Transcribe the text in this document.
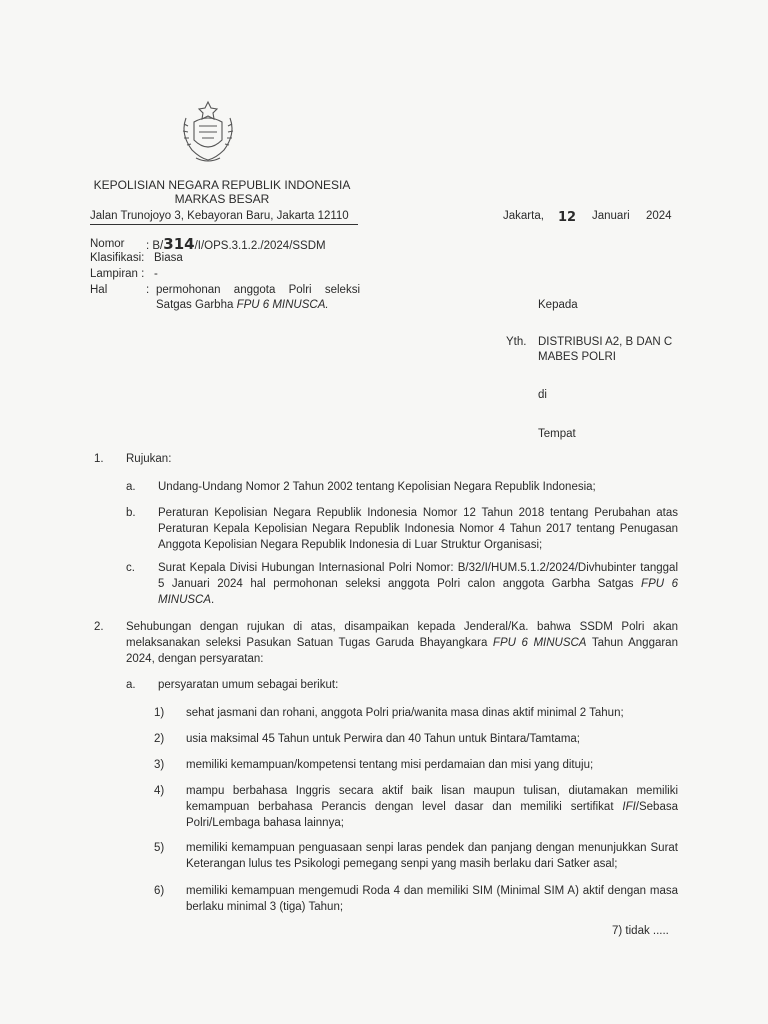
KEPOLISIAN NEGARA REPUBLIK INDONESIA
MARKAS BESAR
Jalan Trunojoyo 3, Kebayoran Baru, Jakarta 12110	Jakarta, 12 Januari 2024
Nomor : B/314/I/OPS.3.1.2./2024/SSDM
Klasifikasi: Biasa
Lampiran : -
Hal	: permohonan anggota Polri seleksi
Satgas Garbha FPU 6 MINUSCA.	Kepada
Yth. DISTRIBUSI A2, B DAN C
MABES POLRI
di
Tempat
1. Rujukan:
a. Undang-Undang Nomor 2 Tahun 2002 tentang Kepolisian Negara Republik Indonesia;
b. Peraturan Kepolisian Negara Republik Indonesia Nomor 12 Tahun 2018 tentang Perubahan atas Peraturan Kepala Kepolisian Negara Republik Indonesia Nomor 4 Tahun 2017 tentang Penugasan Anggota Kepolisian Negara Republik Indonesia di Luar Struktur Organisasi;
c. Surat Kepala Divisi Hubungan Internasional Polri Nomor: B/32/I/HUM.5.1.2/2024/Divhubinter tanggal 5 Januari 2024 hal permohonan seleksi anggota Polri calon anggota Garbha Satgas FPU 6 MINUSCA.
2. Sehubungan dengan rujukan di atas, disampaikan kepada Jenderal/Ka. bahwa SSDM Polri akan melaksanakan seleksi Pasukan Satuan Tugas Garuda Bhayangkara FPU 6 MINUSCA Tahun Anggaran 2024, dengan persyaratan:
a. persyaratan umum sebagai berikut:
1) sehat jasmani dan rohani, anggota Polri pria/wanita masa dinas aktif minimal 2 Tahun;
2) usia maksimal 45 Tahun untuk Perwira dan 40 Tahun untuk Bintara/Tamtama;
3) memiliki kemampuan/kompetensi tentang misi perdamaian dan misi yang dituju;
4) mampu berbahasa Inggris secara aktif baik lisan maupun tulisan, diutamakan memiliki kemampuan berbahasa Perancis dengan level dasar dan memiliki sertifikat IFI/Sebasa Polri/Lembaga bahasa lainnya;
5) memiliki kemampuan penguasaan senpi laras pendek dan panjang dengan menunjukkan Surat Keterangan lulus tes Psikologi pemegang senpi yang masih berlaku dari Satker asal;
6) memiliki kemampuan mengemudi Roda 4 dan memiliki SIM (Minimal SIM A) aktif dengan masa berlaku minimal 3 (tiga) Tahun;
7) tidak .....
